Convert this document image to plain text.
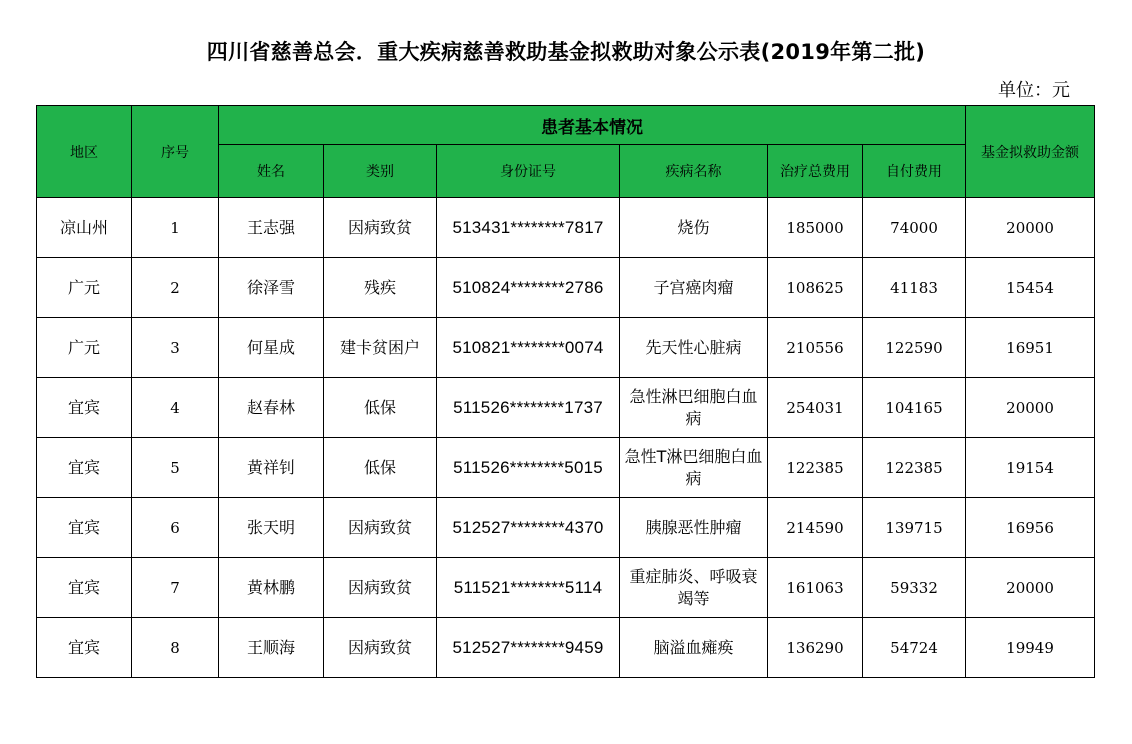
四川省慈善总会．重大疾病慈善救助基金拟救助对象公示表(2019年第二批)
单位：元
地区	序号	患者基本情况						基金拟救助金额
		姓名	类别	身份证号	疾病名称	治疗总费用	自付费用	
凉山州	1	王志强	因病致贫	513431********7817	烧伤	185000	74000	20000
广元	2	徐泽雪	残疾	510824********2786	子宫癌肉瘤	108625	41183	15454
广元	3	何星成	建卡贫困户	510821********0074	先天性心脏病	210556	122590	16951
宜宾	4	赵春林	低保	511526********1737	急性淋巴细胞白血病	254031	104165	20000
宜宾	5	黄祥钊	低保	511526********5015	急性T淋巴细胞白血病	122385	122385	19154
宜宾	6	张天明	因病致贫	512527********4370	胰腺恶性肿瘤	214590	139715	16956
宜宾	7	黄林鹏	因病致贫	511521********5114	重症肺炎、呼吸衰竭等	161063	59332	20000
宜宾	8	王顺海	因病致贫	512527********9459	脑溢血瘫痪	136290	54724	19949
